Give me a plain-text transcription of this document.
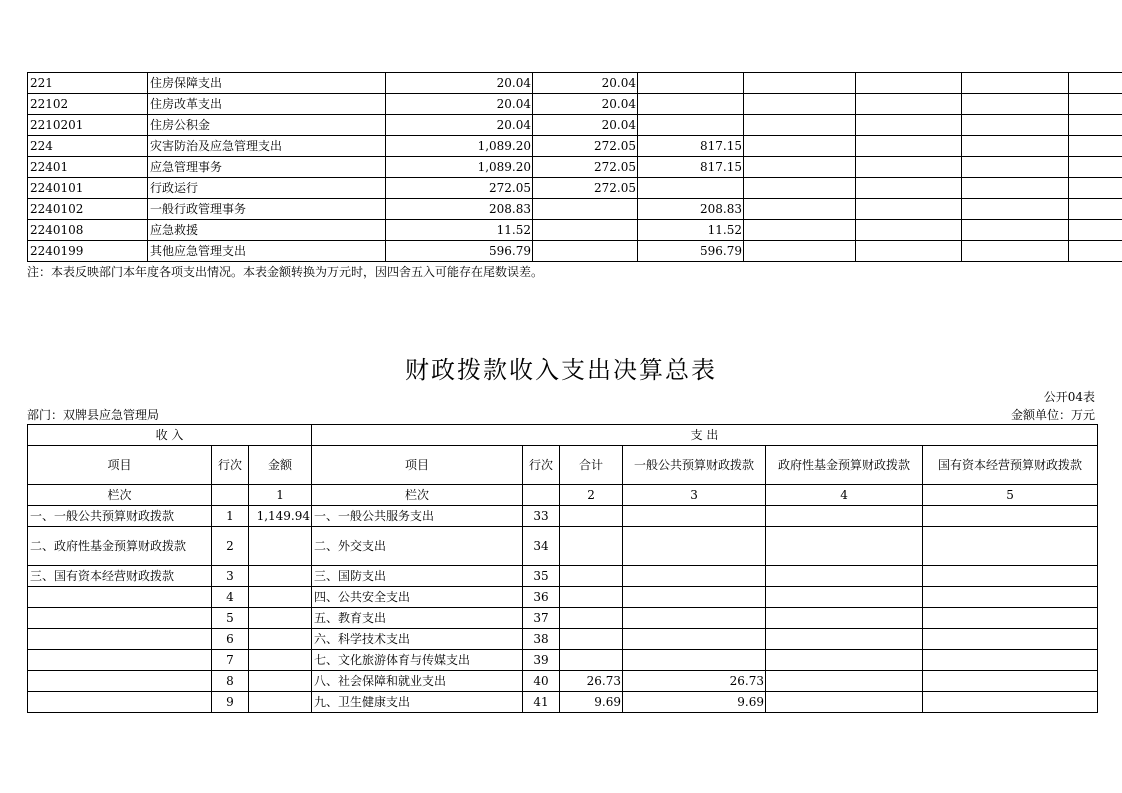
221	住房保障支出	20.04	20.04					
22102	住房改革支出	20.04	20.04					
2210201	住房公积金	20.04	20.04					
224	灾害防治及应急管理支出	1,089.20	272.05	817.15				
22401	应急管理事务	1,089.20	272.05	817.15				
2240101	行政运行	272.05	272.05					
2240102	一般行政管理事务	208.83		208.83				
2240108	应急救援	11.52		11.52				
2240199	其他应急管理支出	596.79		596.79				
注：本表反映部门本年度各项支出情况。本表金额转换为万元时，因四舍五入可能存在尾数误差。
财政拨款收入支出决算总表
公开04表
部门：双牌县应急管理局	金额单位：万元
收 入			支 出					
项目	行次	金额	项目	行次	合计	一般公共预算财政拨款	政府性基金预算财政拨款	国有资本经营预算财政拨款
栏次		1	栏次		2	3	4	5
一、一般公共预算财政拨款	1	1,149.94	一、一般公共服务支出	33				
二、政府性基金预算财政拨款	2		二、外交支出	34				
三、国有资本经营财政拨款	3		三、国防支出	35				
	4		四、公共安全支出	36				
	5		五、教育支出	37				
	6		六、科学技术支出	38				
	7		七、文化旅游体育与传媒支出	39				
	8		八、社会保障和就业支出	40	26.73	26.73		
	9		九、卫生健康支出	41	9.69	9.69		
